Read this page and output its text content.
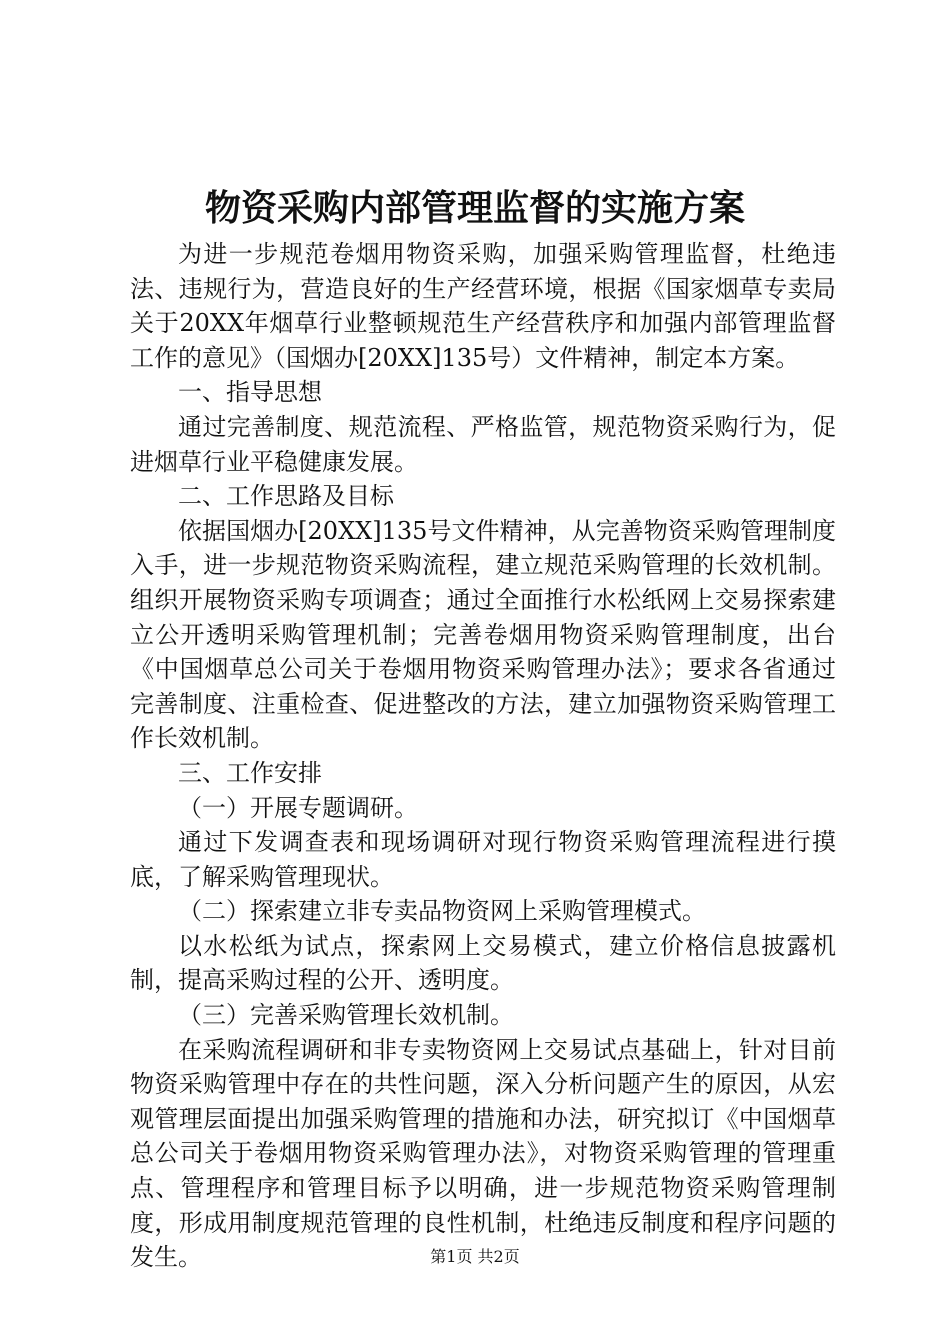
物资采购内部管理监督的实施方案

为进一步规范卷烟用物资采购，加强采购管理监督，杜绝违法、违规行为，营造良好的生产经营环境，根据《国家烟草专卖局关于20XX年烟草行业整顿规范生产经营秩序和加强内部管理监督工作的意见》（国烟办[20XX]135号）文件精神，制定本方案。

一、指导思想

通过完善制度、规范流程、严格监管，规范物资采购行为，促进烟草行业平稳健康发展。

二、工作思路及目标

依据国烟办[20XX]135号文件精神，从完善物资采购管理制度入手，进一步规范物资采购流程，建立规范采购管理的长效机制。组织开展物资采购专项调查；通过全面推行水松纸网上交易探索建立公开透明采购管理机制；完善卷烟用物资采购管理制度，出台《中国烟草总公司关于卷烟用物资采购管理办法》；要求各省通过完善制度、注重检查、促进整改的方法，建立加强物资采购管理工作长效机制。

三、工作安排

（一）开展专题调研。

通过下发调查表和现场调研对现行物资采购管理流程进行摸底，了解采购管理现状。

（二）探索建立非专卖品物资网上采购管理模式。

以水松纸为试点，探索网上交易模式，建立价格信息披露机制，提高采购过程的公开、透明度。

（三）完善采购管理长效机制。

在采购流程调研和非专卖物资网上交易试点基础上，针对目前物资采购管理中存在的共性问题，深入分析问题产生的原因，从宏观管理层面提出加强采购管理的措施和办法，研究拟订《中国烟草总公司关于卷烟用物资采购管理办法》，对物资采购管理的管理重点、管理程序和管理目标予以明确，进一步规范物资采购管理制度，形成用制度规范管理的良性机制，杜绝违反制度和程序问题的发生。	第1页 共2页
